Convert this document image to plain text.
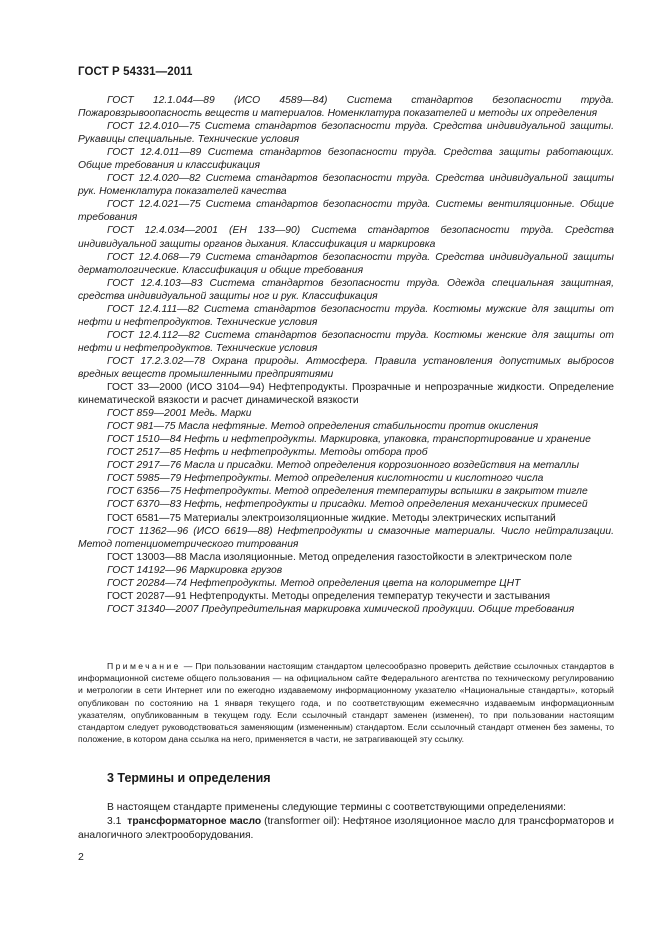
ГОСТ Р 54331—2011

ГОСТ 12.1.044—89 (ИСО 4589—84) Система стандартов безопасности труда. Пожаровзрывоопасность веществ и материалов. Номенклатура показателей и методы их определения

ГОСТ 12.4.010—75 Система стандартов безопасности труда. Средства индивидуальной защиты. Рукавицы специальные. Технические условия

ГОСТ 12.4.011—89 Система стандартов безопасности труда. Средства защиты работающих. Общие требования и классификация

ГОСТ 12.4.020—82 Система стандартов безопасности труда. Средства индивидуальной защиты рук. Номенклатура показателей качества

ГОСТ 12.4.021—75 Система стандартов безопасности труда. Системы вентиляционные. Общие требования

ГОСТ 12.4.034—2001 (ЕН 133—90) Система стандартов безопасности труда. Средства индивидуальной защиты органов дыхания. Классификация и маркировка

ГОСТ 12.4.068—79 Система стандартов безопасности труда. Средства индивидуальной защиты дерматологические. Классификация и общие требования

ГОСТ 12.4.103—83 Система стандартов безопасности труда. Одежда специальная защитная, средства индивидуальной защиты ног и рук. Классификация

ГОСТ 12.4.111—82 Система стандартов безопасности труда. Костюмы мужские для защиты от нефти и нефтепродуктов. Технические условия

ГОСТ 12.4.112—82 Система стандартов безопасности труда. Костюмы женские для защиты от нефти и нефтепродуктов. Технические условия

ГОСТ 17.2.3.02—78 Охрана природы. Атмосфера. Правила установления допустимых выбросов вредных веществ промышленными предприятиями

ГОСТ 33—2000 (ИСО 3104—94) Нефтепродукты. Прозрачные и непрозрачные жидкости. Определение кинематической вязкости и расчет динамической вязкости

ГОСТ 859—2001 Медь. Марки

ГОСТ 981—75 Масла нефтяные. Метод определения стабильности против окисления

ГОСТ 1510—84 Нефть и нефтепродукты. Маркировка, упаковка, транспортирование и хранение

ГОСТ 2517—85 Нефть и нефтепродукты. Методы отбора проб

ГОСТ 2917—76 Масла и присадки. Метод определения коррозионного воздействия на металлы

ГОСТ 5985—79 Нефтепродукты. Метод определения кислотности и кислотного числа

ГОСТ 6356—75 Нефтепродукты. Метод определения температуры вспышки в закрытом тигле

ГОСТ 6370—83 Нефть, нефтепродукты и присадки. Метод определения механических примесей

ГОСТ 6581—75 Материалы электроизоляционные жидкие. Методы электрических испытаний

ГОСТ 11362—96 (ИСО 6619—88) Нефтепродукты и смазочные материалы. Число нейтрализации. Метод потенциометрического титрования

ГОСТ 13003—88 Масла изоляционные. Метод определения газостойкости в электрическом поле

ГОСТ 14192—96 Маркировка грузов

ГОСТ 20284—74 Нефтепродукты. Метод определения цвета на колориметре ЦНТ

ГОСТ 20287—91 Нефтепродукты. Методы определения температур текучести и застывания

ГОСТ 31340—2007 Предупредительная маркировка химической продукции. Общие требования

Примечание — При пользовании настоящим стандартом целесообразно проверить действие ссылочных стандартов в информационной системе общего пользования — на официальном сайте Федерального агентства по техническому регулированию и метрологии в сети Интернет или по ежегодно издаваемому информационному указателю «Национальные стандарты», который опубликован по состоянию на 1 января текущего года, и по соответствующим ежемесячно издаваемым информационным указателям, опубликованным в текущем году. Если ссылочный стандарт заменен (изменен), то при пользовании настоящим стандартом следует руководствоваться заменяющим (измененным) стандартом. Если ссылочный стандарт отменен без замены, то положение, в котором дана ссылка на него, применяется в части, не затрагивающей эту ссылку.

3 Термины и определения

В настоящем стандарте применены следующие термины с соответствующими определениями:

3.1 трансформаторное масло (transformer oil): Нефтяное изоляционное масло для трансформаторов и аналогичного электрооборудования.

2
